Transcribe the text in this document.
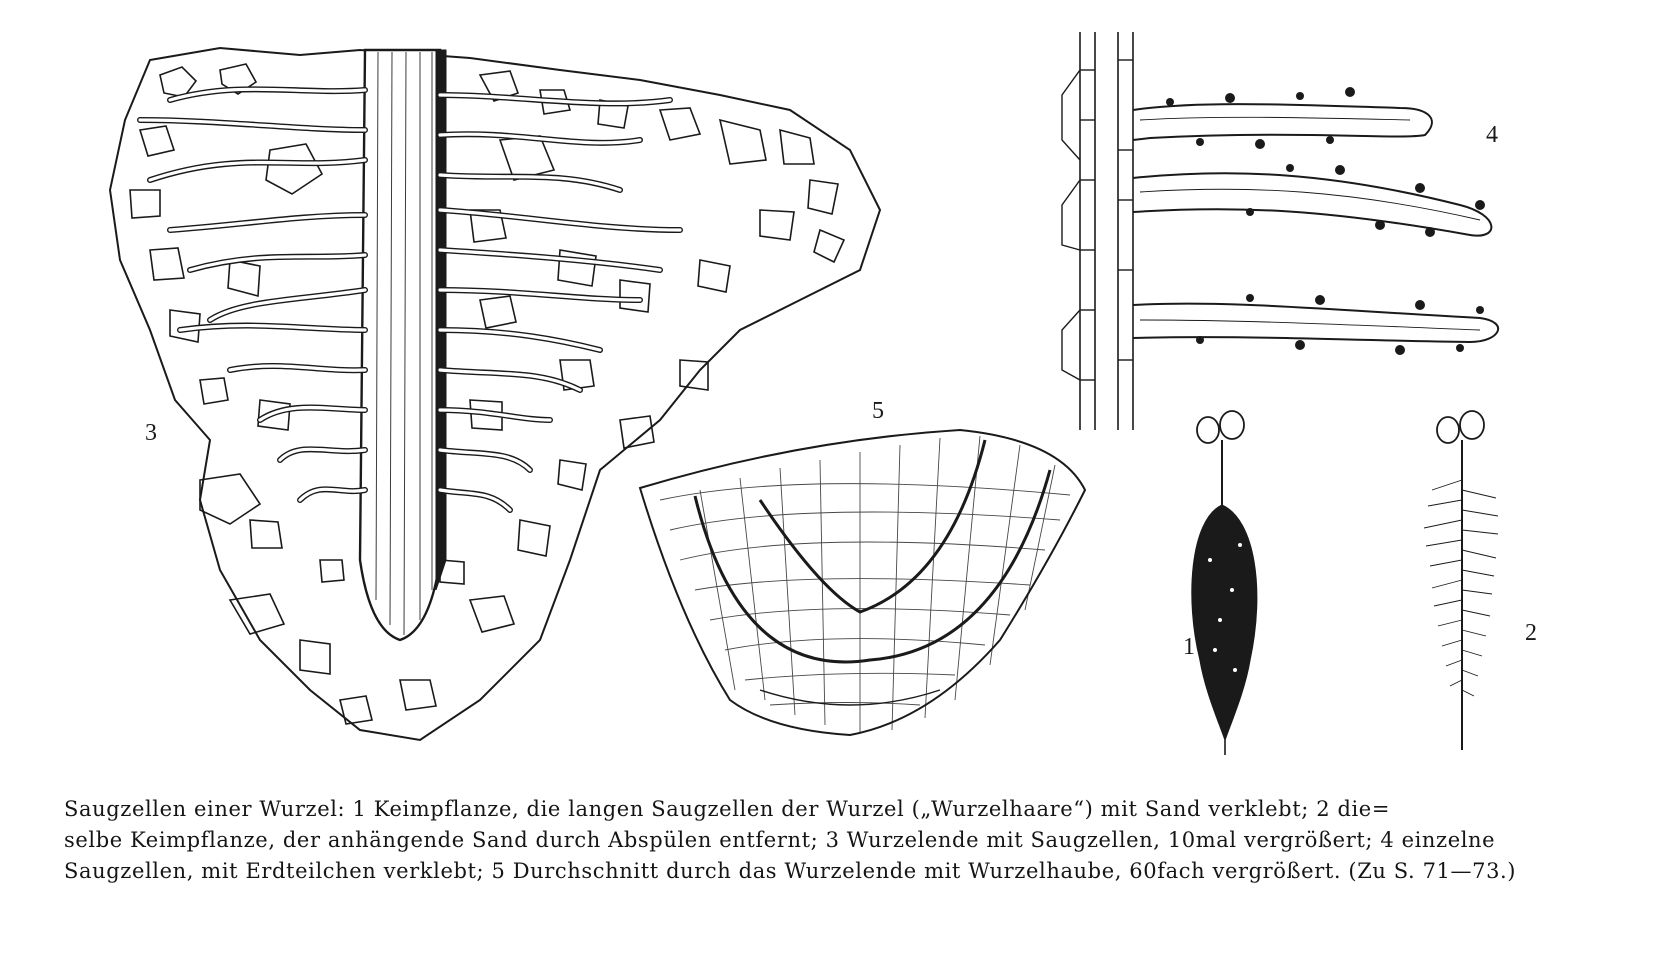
3
5
4
1
2
Saugzellen einer Wurzel: 1 Keimpflanze, die langen Saugzellen der Wurzel („Wurzelhaare“) mit Sand verklebt; 2 die=
selbe Keimpflanze, der anhängende Sand durch Abspülen entfernt; 3 Wurzelende mit Saugzellen, 10mal vergrößert; 4 einzelne
Saugzellen, mit Erdteilchen verklebt; 5 Durchschnitt durch das Wurzelende mit Wurzelhaube, 60fach vergrößert. (Zu S. 71—73.)
